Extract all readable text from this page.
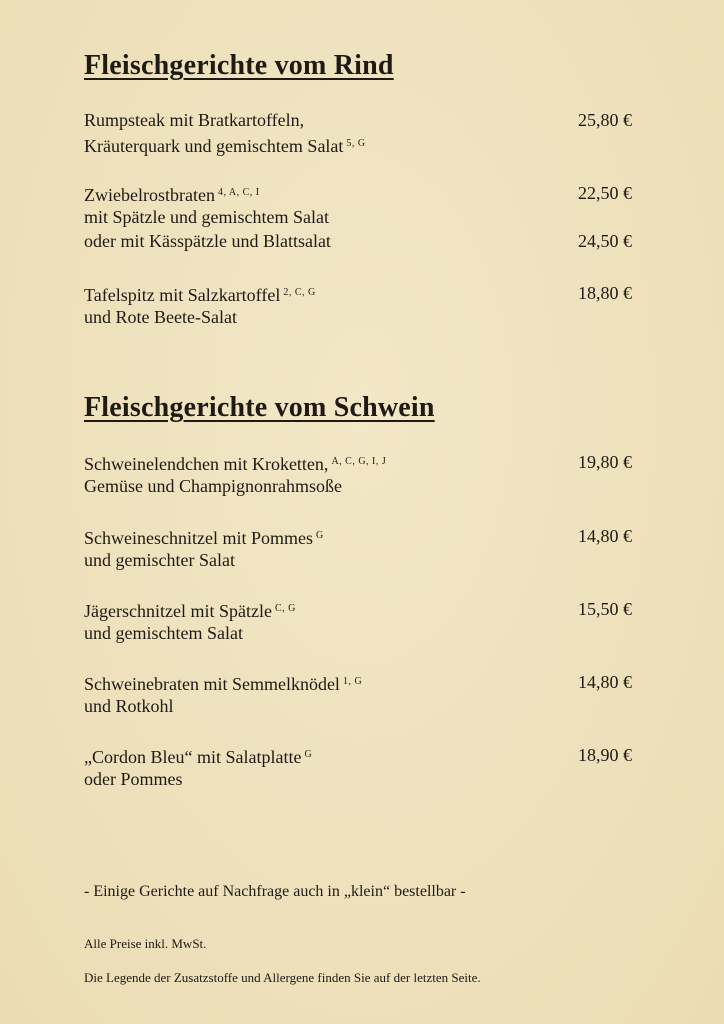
Fleischgerichte vom Rind
Rumpsteak mit Bratkartoffeln,
Kräuterquark und gemischtem Salat $^{5, G}$
25,80 €
Zwiebelrostbraten $^{4, A, C, I}$
mit Spätzle und gemischtem Salat
oder mit Kässpätzle und Blattsalat
22,50 €
24,50 €
Tafelspitz mit Salzkartoffel $^{2, C, G}$
und Rote Beete-Salat
18,80 €
Fleischgerichte vom Schwein
Schweinelendchen mit Kroketten, $^{A, C, G, I, J}$
Gemüse und Champignonrahmsoße
19,80 €
Schweineschnitzel mit Pommes $^G$
und gemischter Salat
14,80 €
Jägerschnitzel mit Spätzle $^{C, G}$
und gemischtem Salat
15,50 €
Schweinebraten mit Semmelknödel $^{1, G}$
und Rotkohl
14,80 €
„Cordon Bleu“ mit Salatplatte $^G$
oder Pommes
18,90 €
- Einige Gerichte auf Nachfrage auch in „klein“ bestellbar -
Alle Preise inkl. MwSt.
Die Legende der Zusatzstoffe und Allergene finden Sie auf der letzten Seite.
